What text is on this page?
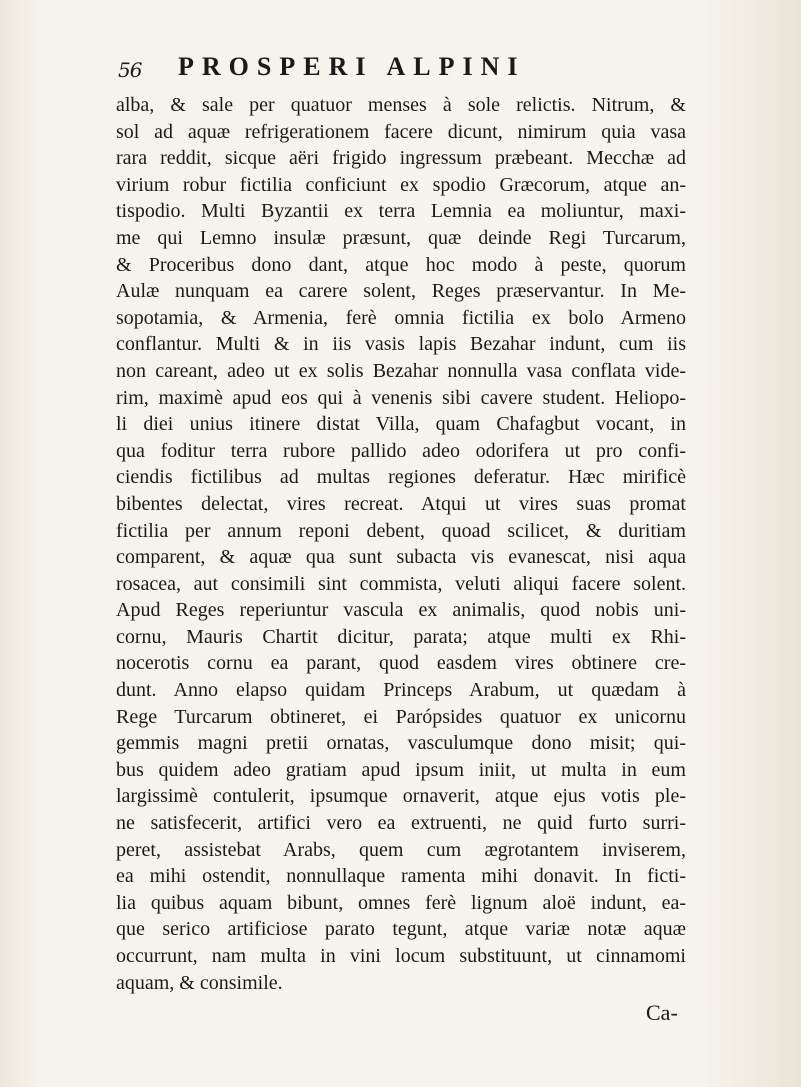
56 PROSPERI ALPINI
alba, & sale per quatuor menses à sole relictis. Nitrum, &
sol ad aquæ refrigerationem facere dicunt, nimirum quia vasa
rara reddit, sicque aëri frigido ingressum præbeant. Mecchæ ad
virium robur fictilia conficiunt ex spodio Græcorum, atque an-
tispodio. Multi Byzantii ex terra Lemnia ea moliuntur, maxi-
me qui Lemno insulæ præsunt, quæ deinde Regi Turcarum,
& Proceribus dono dant, atque hoc modo à peste, quorum
Aulæ nunquam ea carere solent, Reges præservantur. In Me-
sopotamia, & Armenia, ferè omnia fictilia ex bolo Armeno
conflantur. Multi & in iis vasis lapis Bezahar indunt, cum iis
non careant, adeo ut ex solis Bezahar nonnulla vasa conflata vide-
rim, maximè apud eos qui à venenis sibi cavere student. Heliopo-
li diei unius itinere distat Villa, quam Chafagbut vocant, in
qua foditur terra rubore pallido adeo odorifera ut pro confi-
ciendis fictilibus ad multas regiones deferatur. Hæc mirificè
bibentes delectat, vires recreat. Atqui ut vires suas promat
fictilia per annum reponi debent, quoad scilicet, & duritiam
comparent, & aquæ qua sunt subacta vis evanescat, nisi aqua
rosacea, aut consimili sint commista, veluti aliqui facere solent.
Apud Reges reperiuntur vascula ex animalis, quod nobis uni-
cornu, Mauris Chartit dicitur, parata; atque multi ex Rhi-
nocerotis cornu ea parant, quod easdem vires obtinere cre-
dunt. Anno elapso quidam Princeps Arabum, ut quædam à
Rege Turcarum obtineret, ei Parópsides quatuor ex unicornu
gemmis magni pretii ornatas, vasculumque dono misit; qui-
bus quidem adeo gratiam apud ipsum iniit, ut multa in eum
largissimè contulerit, ipsumque ornaverit, atque ejus votis ple-
ne satisfecerit, artifici vero ea extruenti, ne quid furto surri-
peret, assistebat Arabs, quem cum ægrotantem inviserem,
ea mihi ostendit, nonnullaque ramenta mihi donavit. In ficti-
lia quibus aquam bibunt, omnes ferè lignum aloë indunt, ea-
que serico artificiose parato tegunt, atque variæ notæ aquæ
occurrunt, nam multa in vini locum substituunt, ut cinnamomi
aquam, & consimile.
Ca-
